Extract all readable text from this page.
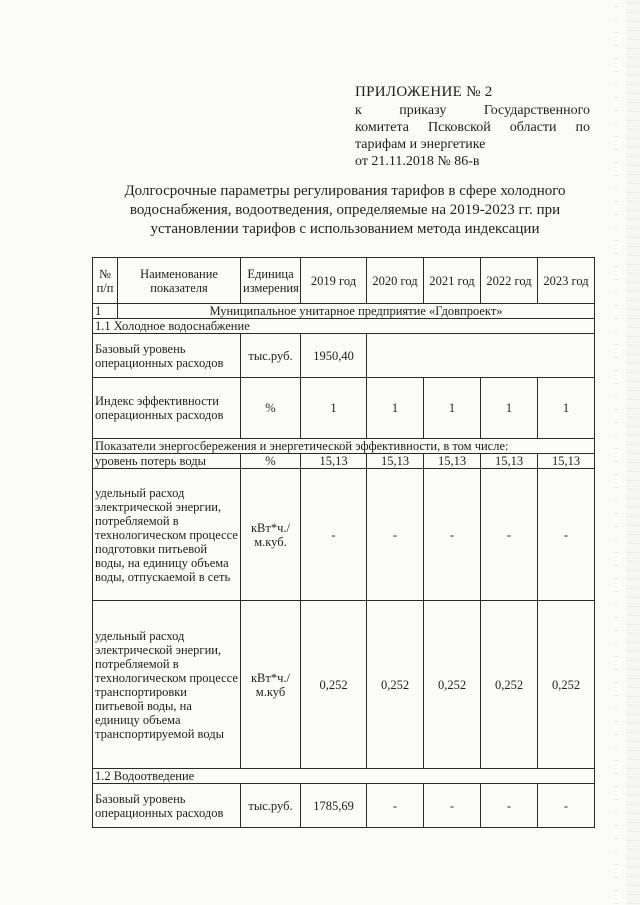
ПРИЛОЖЕНИЕ № 2
к приказу Государственного
комитета Псковской области по
тарифам и энергетике
от 21.11.2018 № 86-в
Долгосрочные параметры регулирования тарифов в сфере холодного водоснабжения, водоотведения, определяемые на 2019-2023 гг. при установлении тарифов с использованием метода индексации
№ п/п	Наименование показателя	Единица измерения	2019 год	2020 год	2021 год	2022 год	2023 год
1	Муниципальное унитарное предприятие «Гдовпроект»						
1.1 Холодное водоснабжение							
Базовый уровень операционных расходов		тыс.руб.	1950,40				
Индекс эффективности операционных расходов		%	1	1	1	1	1
Показатели энергосбережения и энергетической эффективности, в том числе:							
уровень потерь воды		%	15,13	15,13	15,13	15,13	15,13
удельный расход электрической энергии, потребляемой в технологическом процессе подготовки питьевой воды, на единицу объема воды, отпускаемой в сеть		кВт*ч./м.куб.	-	-	-	-	-
удельный расход электрической энергии, потребляемой в технологическом процессе транспортировки питьевой воды, на единицу объема транспортируемой воды		кВт*ч./м.куб	0,252	0,252	0,252	0,252	0,252
1.2 Водоотведение							
Базовый уровень операционных расходов		тыс.руб.	1785,69	-	-	-	-
